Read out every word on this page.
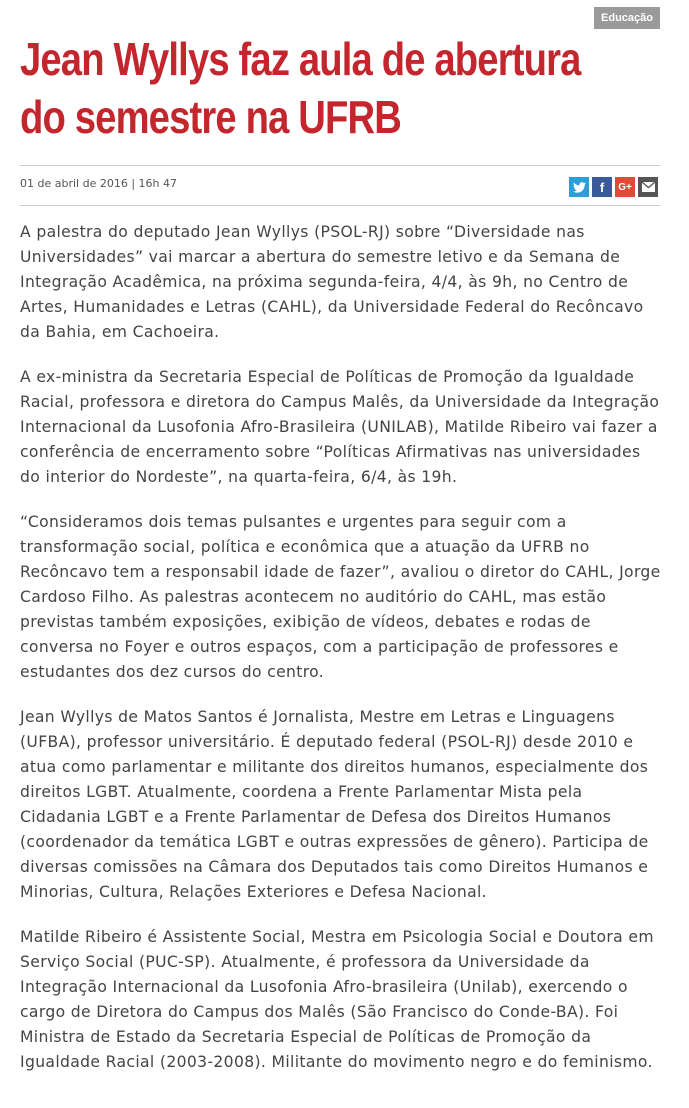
Educação
Jean Wyllys faz aula de abertura
do semestre na UFRB
01 de abril de 2016 | 16h 47	f	G+

A palestra do deputado Jean Wyllys (PSOL-RJ) sobre “Diversidade nas Universidades” vai marcar a abertura do semestre letivo e da Semana de Integração Acadêmica, na próxima segunda-feira, 4/4, às 9h, no Centro de Artes, Humanidades e Letras (CAHL), da Universidade Federal do Recôncavo da Bahia, em Cachoeira.

A ex-ministra da Secretaria Especial de Políticas de Promoção da Igualdade Racial, professora e diretora do Campus Malês, da Universidade da Integração Internacional da Lusofonia Afro-Brasileira (UNILAB), Matilde Ribeiro vai fazer a conferência de encerramento sobre “Políticas Afirmativas nas universidades do interior do Nordeste”, na quarta-feira, 6/4, às 19h.

“Consideramos dois temas pulsantes e urgentes para seguir com a transformação social, política e econômica que a atuação da UFRB no Recôncavo tem a responsabil idade de fazer”, avaliou o diretor do CAHL, Jorge Cardoso Filho. As palestras acontecem no auditório do CAHL, mas estão previstas também exposições, exibição de vídeos, debates e rodas de conversa no Foyer e outros espaços, com a participação de professores e estudantes dos dez cursos do centro.

Jean Wyllys de Matos Santos é Jornalista, Mestre em Letras e Linguagens (UFBA), professor universitário. É deputado federal (PSOL-RJ) desde 2010 e atua como parlamentar e militante dos direitos humanos, especialmente dos direitos LGBT. Atualmente, coordena a Frente Parlamentar Mista pela Cidadania LGBT e a Frente Parlamentar de Defesa dos Direitos Humanos (coordenador da temática LGBT e outras expressões de gênero). Participa de diversas comissões na Câmara dos Deputados tais como Direitos Humanos e Minorias, Cultura, Relações Exteriores e Defesa Nacional.

Matilde Ribeiro é Assistente Social, Mestra em Psicologia Social e Doutora em Serviço Social (PUC-SP). Atualmente, é professora da Universidade da Integração Internacional da Lusofonia Afro-brasileira (Unilab), exercendo o cargo de Diretora do Campus dos Malês (São Francisco do Conde-BA). Foi Ministra de Estado da Secretaria Especial de Políticas de Promoção da Igualdade Racial (2003-2008). Militante do movimento negro e do feminismo.
